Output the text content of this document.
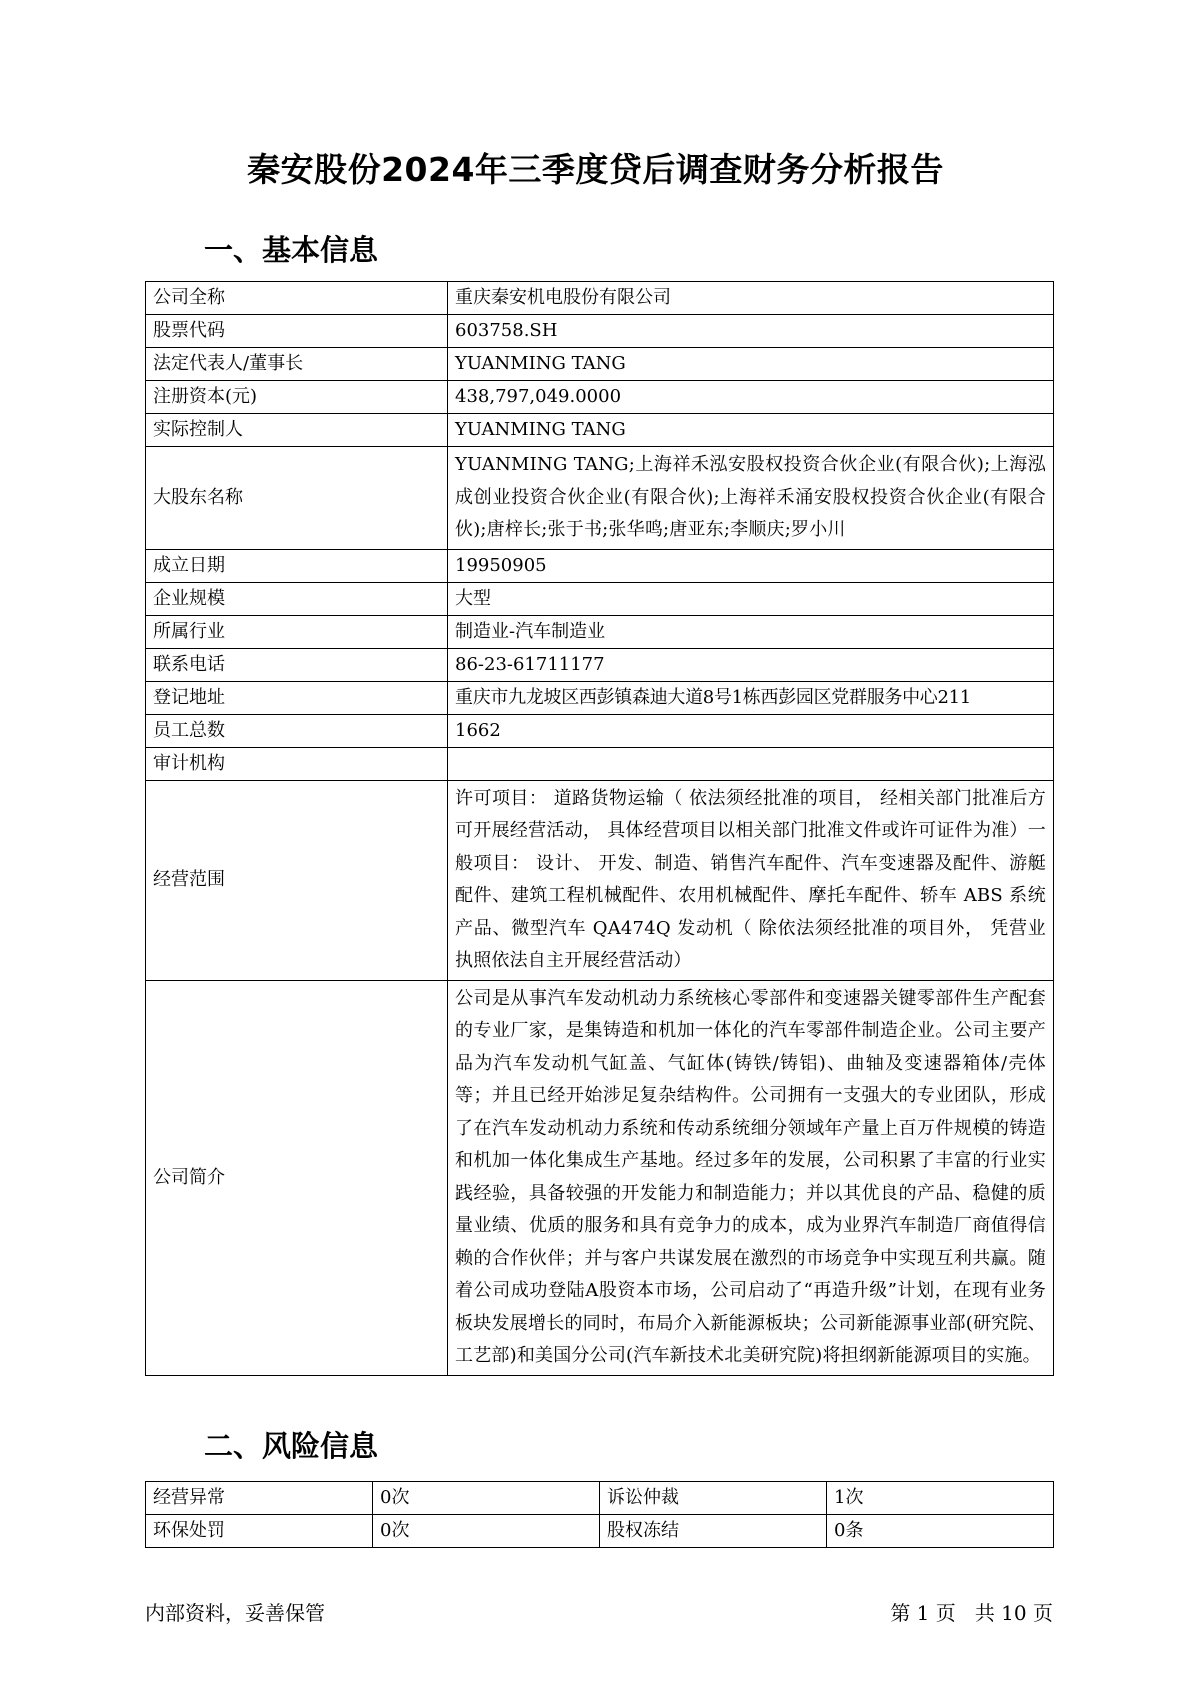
秦安股份2024年三季度贷后调查财务分析报告
一、基本信息
公司全称	重庆秦安机电股份有限公司
股票代码	603758.SH
法定代表人/董事长	YUANMING TANG
注册资本(元)	438,797,049.0000
实际控制人	YUANMING TANG
大股东名称	YUANMING TANG;上海祥禾泓安股权投资合伙企业(有限合伙);上海泓成创业投资合伙企业(有限合伙);上海祥禾涌安股权投资合伙企业(有限合伙);唐梓长;张于书;张华鸣;唐亚东;李顺庆;罗小川
成立日期	19950905
企业规模	大型
所属行业	制造业-汽车制造业
联系电话	86-23-61711177
登记地址	重庆市九龙坡区西彭镇森迪大道8号1栋西彭园区党群服务中心211
员工总数	1662
审计机构	
经营范围	许可项目： 道路货物运输（ 依法须经批准的项目， 经相关部门批准后方可开展经营活动， 具体经营项目以相关部门批准文件或许可证件为准）一般项目： 设计、 开发、制造、销售汽车配件、汽车变速器及配件、游艇配件、建筑工程机械配件、农用机械配件、摩托车配件、轿车 ABS 系统产品、微型汽车 QA474Q 发动机（ 除依法须经批准的项目外， 凭营业执照依法自主开展经营活动）
公司简介	公司是从事汽车发动机动力系统核心零部件和变速器关键零部件生产配套的专业厂家，是集铸造和机加一体化的汽车零部件制造企业。公司主要产品为汽车发动机气缸盖、气缸体(铸铁/铸铝)、曲轴及变速器箱体/壳体等；并且已经开始涉足复杂结构件。公司拥有一支强大的专业团队，形成了在汽车发动机动力系统和传动系统细分领域年产量上百万件规模的铸造和机加一体化集成生产基地。经过多年的发展，公司积累了丰富的行业实践经验，具备较强的开发能力和制造能力；并以其优良的产品、稳健的质量业绩、优质的服务和具有竞争力的成本，成为业界汽车制造厂商值得信赖的合作伙伴；并与客户共谋发展在激烈的市场竞争中实现互利共赢。随着公司成功登陆A股资本市场，公司启动了“再造升级”计划，在现有业务板块发展增长的同时，布局介入新能源板块；公司新能源事业部(研究院、工艺部)和美国分公司(汽车新技术北美研究院)将担纲新能源项目的实施。
二、风险信息
经营异常	0次	诉讼仲裁	1次
环保处罚	0次	股权冻结	0条
内部资料，妥善保管	第 1 页   共 10 页
